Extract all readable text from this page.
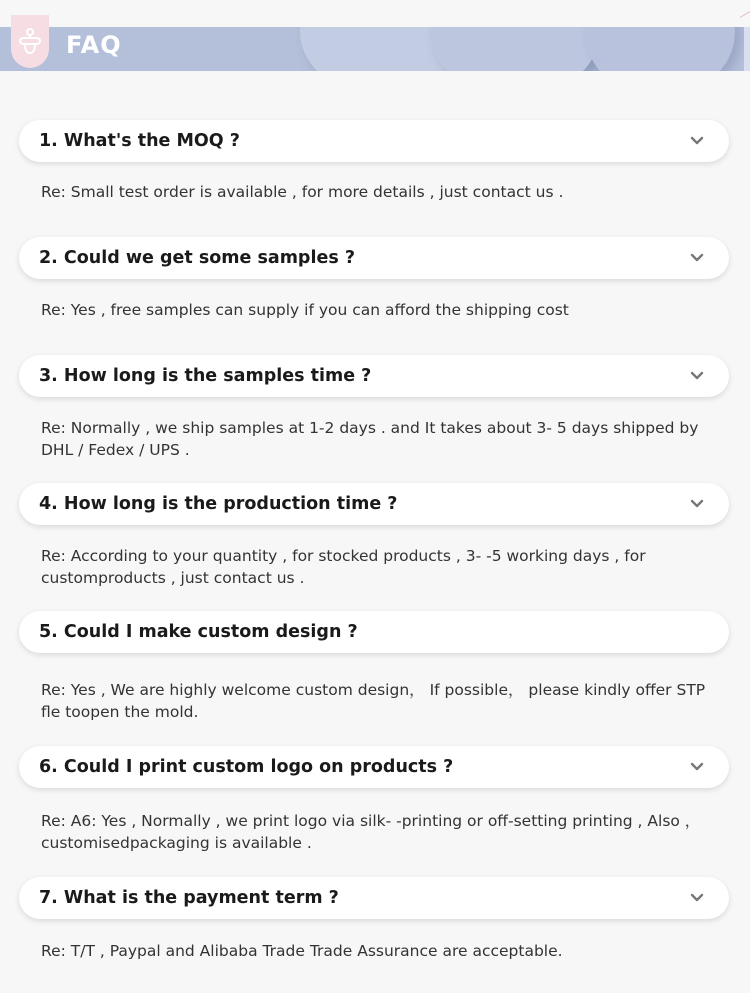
FAQ
1. What's the MOQ ?
Re: Small test order is available , for more details , just contact us .
2. Could we get some samples ?
Re: Yes , free samples can supply if you can afford the shipping cost
3. How long is the samples time ?
Re: Normally , we ship samples at 1-2 days . and It takes about 3- 5 days shipped by DHL / Fedex / UPS .
4. How long is the production time ?
Re: According to your quantity , for stocked products , 3- -5 working days , for customproducts , just contact us .
5. Could I make custom design ?
Re: Yes , We are highly welcome custom design， If possible， please kindly offer STP fle toopen the mold.
6. Could I print custom logo on products ?
Re: A6: Yes , Normally , we print logo via silk- -printing or off-setting printing , Also ， customisedpackaging is available .
7. What is the payment term ?
Re: T/T , Paypal and Alibaba Trade Trade Assurance are acceptable.
